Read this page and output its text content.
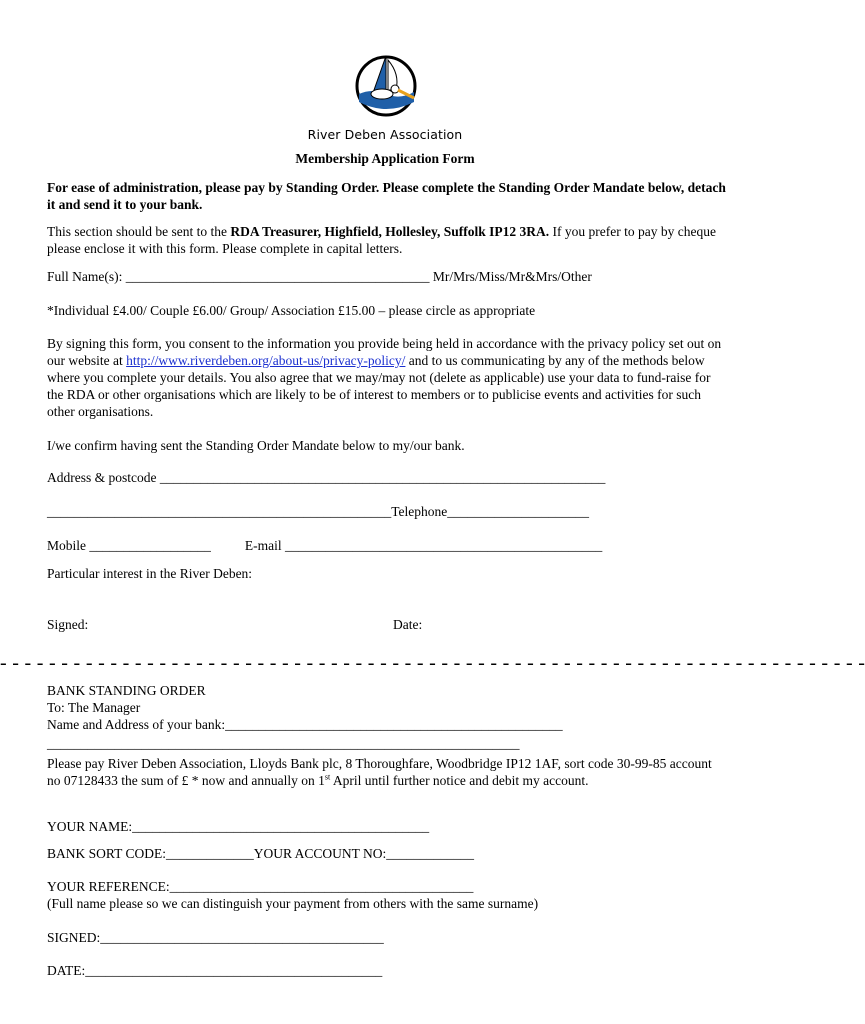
River Deben Association
Membership Application Form

For ease of administration, please pay by Standing Order. Please complete the Standing Order Mandate below, detach it and send it to your bank.

This section should be sent to the RDA Treasurer, Highfield, Hollesley, Suffolk IP12 3RA. If you prefer to pay by cheque please enclose it with this form. Please complete in capital letters.

Full Name(s): _____________________________________________ Mr/Mrs/Miss/Mr&Mrs/Other

*Individual £4.00/ Couple £6.00/ Group/ Association £15.00 – please circle as appropriate

By signing this form, you consent to the information you provide being held in accordance with the privacy policy set out on our website at http://www.riverdeben.org/about-us/privacy-policy/ and to us communicating by any of the methods below where you complete your details. You also agree that we may/may not (delete as applicable) use your data to fund-raise for the RDA or other organisations which are likely to be of interest to members or to publicise events and activities for such other organisations.

I/we confirm having sent the Standing Order Mandate below to my/our bank.

Address & postcode __________________________________________________________________

___________________________________________________Telephone_____________________

Mobile __________________	E-mail _______________________________________________

Particular interest in the River Deben:

Signed:	Date:

- - - - - - - - - - - - - - - - - - - - - - - - - - - - - - - - - - - - - - - - - - - - - - - - - - - - - - - - - - - - - - - - - - - - - - -

BANK STANDING ORDER

To: The Manager

Name and Address of your bank:__________________________________________________

______________________________________________________________________

Please pay River Deben Association, Lloyds Bank plc, 8 Thoroughfare, Woodbridge IP12 1AF, sort code 30-99-85 account no 07128433 the sum of £ * now and annually on 1st April until further notice and debit my account.

YOUR NAME:____________________________________________

BANK SORT CODE:_____________YOUR ACCOUNT NO:_____________

YOUR REFERENCE:_____________________________________________

(Full name please so we can distinguish your payment from others with the same surname)

SIGNED:__________________________________________

DATE:____________________________________________
